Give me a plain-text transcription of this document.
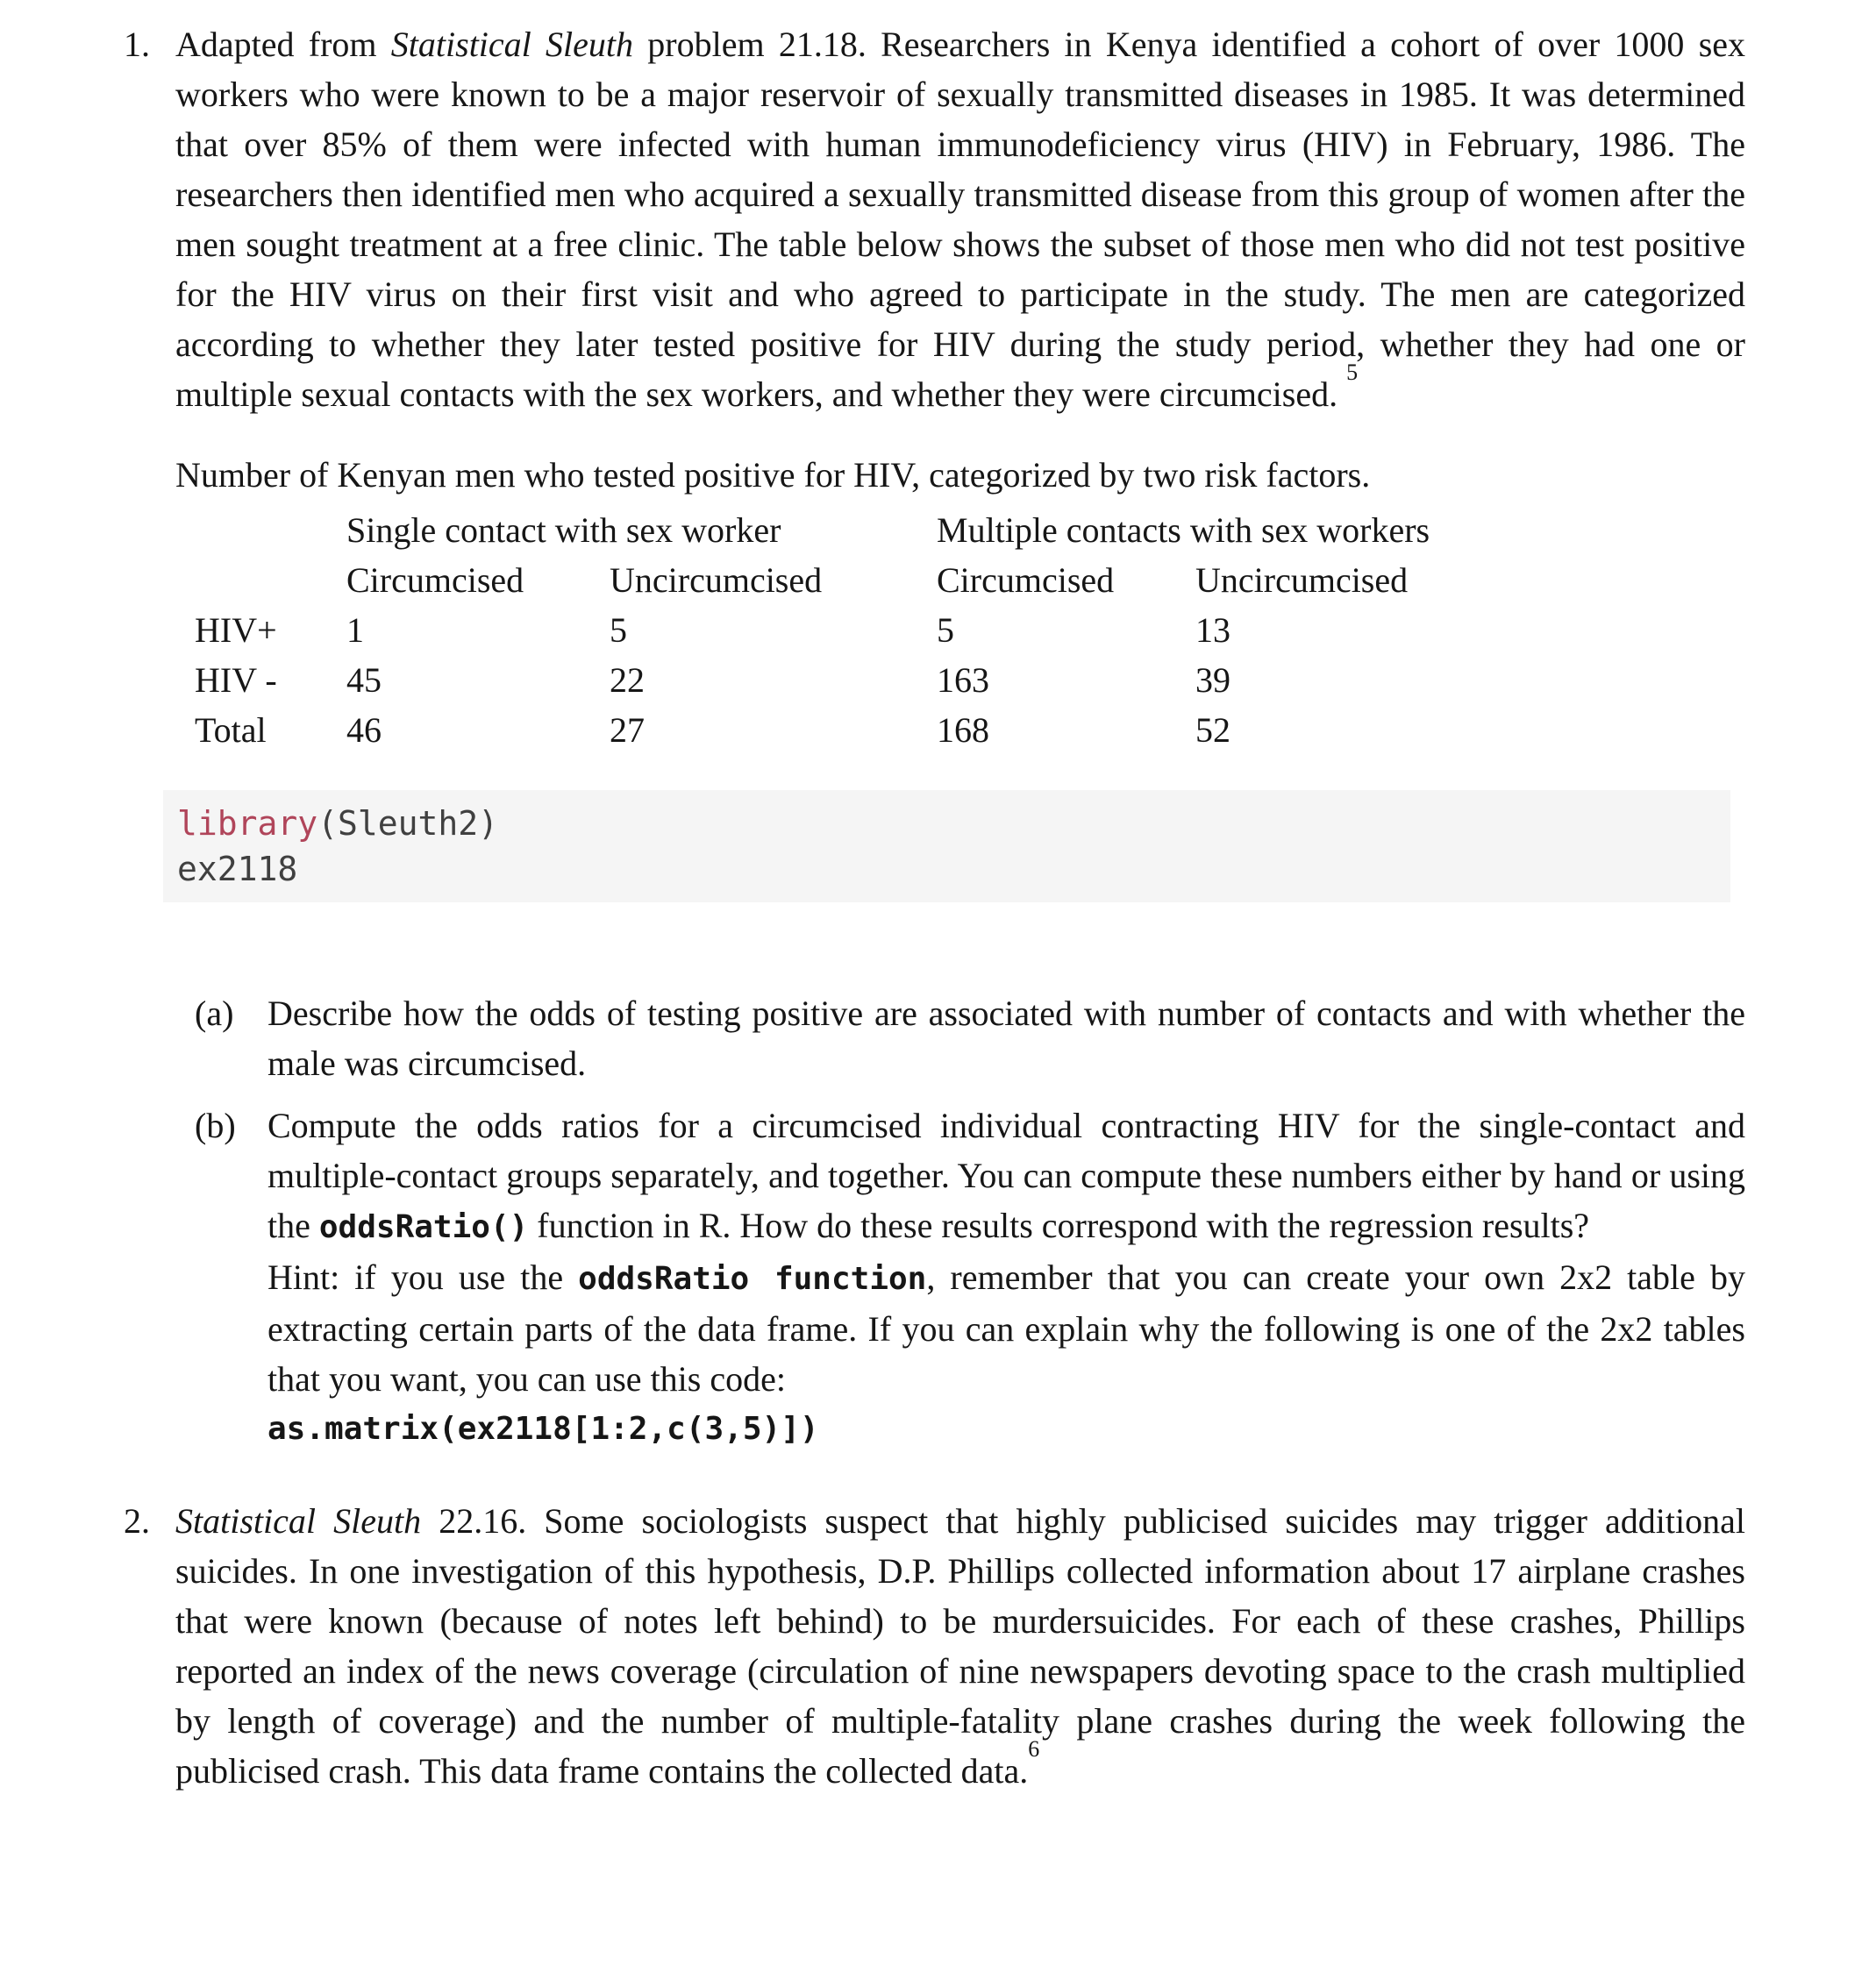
1. Adapted from Statistical Sleuth problem 21.18. Researchers in Kenya identified a cohort of over 1000 sex workers who were known to be a major reservoir of sexually transmitted diseases in 1985. It was determined that over 85% of them were infected with human immunodeficiency virus (HIV) in February, 1986. The researchers then identified men who acquired a sexually transmitted disease from this group of women after the men sought treatment at a free clinic. The table below shows the subset of those men who did not test positive for the HIV virus on their first visit and who agreed to participate in the study. The men are categorized according to whether they later tested positive for HIV during the study period, whether they had one or multiple sexual contacts with the sex workers, and whether they were circumcised. $^5$

Number of Kenyan men who tested positive for HIV, categorized by two risk factors.

	Single contact with sex worker		Multiple contacts with sex workers	
	Circumcised	Uncircumcised	Circumcised	Uncircumcised
HIV+	1	5	5	13
HIV -	45	22	163	39
Total	46	27	168	52
library(Sleuth2)
ex2118
(a) Describe how the odds of testing positive are associated with number of contacts and with whether the male was circumcised.

(b) Compute the odds ratios for a circumcised individual contracting HIV for the single-contact and multiple-contact groups separately, and together. You can compute these numbers either by hand or using the oddsRatio() function in R. How do these results correspond with the regression results?

Hint: if you use the oddsRatio function, remember that you can create your own 2x2 table by extracting certain parts of the data frame. If you can explain why the following is one of the 2x2 tables that you want, you can use this code:
as.matrix(ex2118[1:2,c(3,5)])

2. Statistical Sleuth 22.16. Some sociologists suspect that highly publicised suicides may trigger additional suicides. In one investigation of this hypothesis, D.P. Phillips collected information about 17 airplane crashes that were known (because of notes left behind) to be murdersuicides. For each of these crashes, Phillips reported an index of the news coverage (circulation of nine newspapers devoting space to the crash multiplied by length of coverage) and the number of multiple-fatality plane crashes during the week following the publicised crash. This data frame contains the collected data.$^6$
